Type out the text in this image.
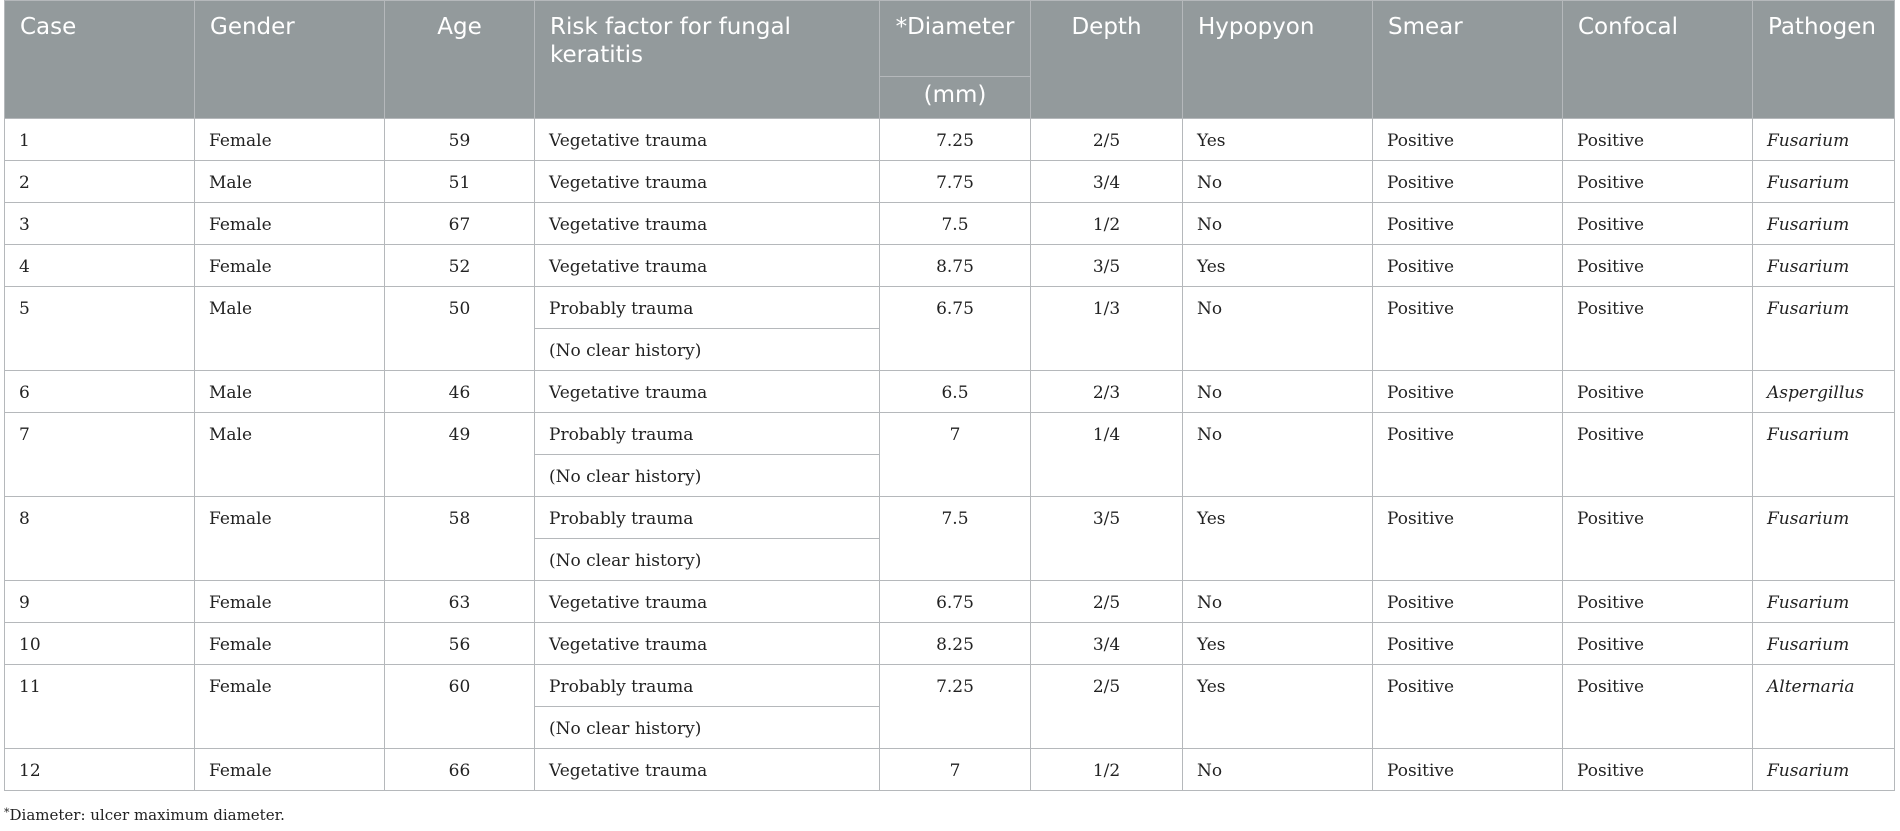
Case	Gender	Age	Risk factor for fungal keratitis	*Diameter	Depth	Hypopyon	Smear	Confocal	Pathogen
				(mm)					
1	Female	59	Vegetative trauma	7.25	2/5	Yes	Positive	Positive	Fusarium
2	Male	51	Vegetative trauma	7.75	3/4	No	Positive	Positive	Fusarium
3	Female	67	Vegetative trauma	7.5	1/2	No	Positive	Positive	Fusarium
4	Female	52	Vegetative trauma	8.75	3/5	Yes	Positive	Positive	Fusarium
5	Male	50	Probably trauma	6.75	1/3	No	Positive	Positive	Fusarium
			(No clear history)						
6	Male	46	Vegetative trauma	6.5	2/3	No	Positive	Positive	Aspergillus
7	Male	49	Probably trauma	7	1/4	No	Positive	Positive	Fusarium
			(No clear history)						
8	Female	58	Probably trauma	7.5	3/5	Yes	Positive	Positive	Fusarium
			(No clear history)						
9	Female	63	Vegetative trauma	6.75	2/5	No	Positive	Positive	Fusarium
10	Female	56	Vegetative trauma	8.25	3/4	Yes	Positive	Positive	Fusarium
11	Female	60	Probably trauma	7.25	2/5	Yes	Positive	Positive	Alternaria
			(No clear history)						
12	Female	66	Vegetative trauma	7	1/2	No	Positive	Positive	Fusarium
*Diameter: ulcer maximum diameter.
